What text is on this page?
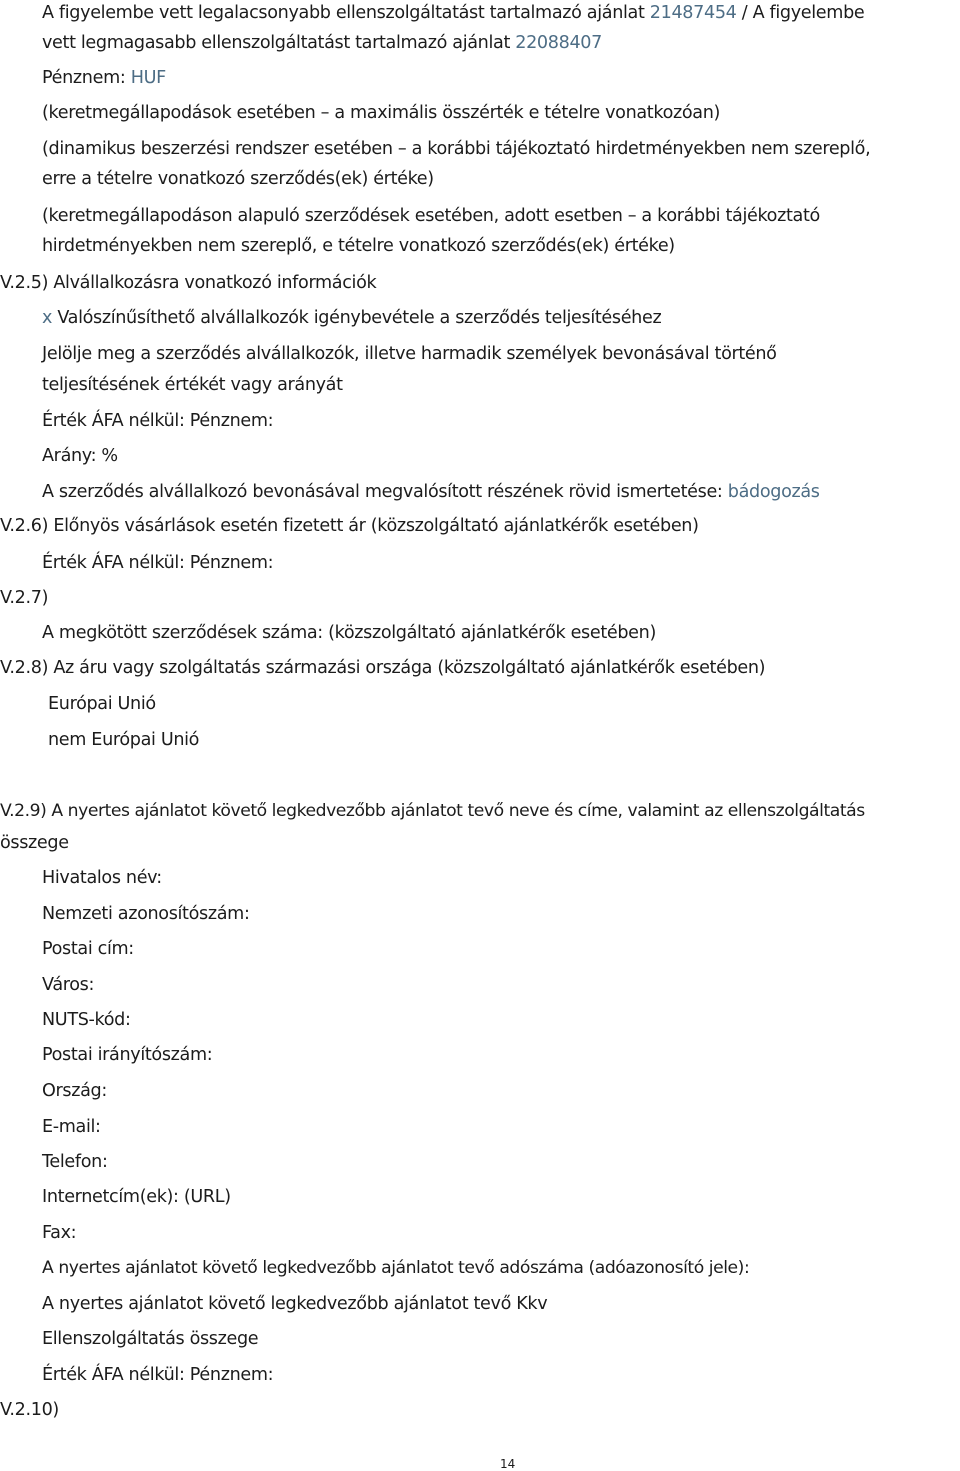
A figyelembe vett legalacsonyabb ellenszolgáltatást tartalmazó ajánlat 21487454 / A figyelembe
vett legmagasabb ellenszolgáltatást tartalmazó ajánlat 22088407
Pénznem: HUF
(keretmegállapodások esetében – a maximális összérték e tételre vonatkozóan)
(dinamikus beszerzési rendszer esetében – a korábbi tájékoztató hirdetményekben nem szereplő,
erre a tételre vonatkozó szerződés(ek) értéke)
(keretmegállapodáson alapuló szerződések esetében, adott esetben – a korábbi tájékoztató
hirdetményekben nem szereplő, e tételre vonatkozó szerződés(ek) értéke)
V.2.5) Alvállalkozásra vonatkozó információk
x Valószínűsíthető alvállalkozók igénybevétele a szerződés teljesítéséhez
Jelölje meg a szerződés alvállalkozók, illetve harmadik személyek bevonásával történő
teljesítésének értékét vagy arányát
Érték ÁFA nélkül: Pénznem:
Arány: %
A szerződés alvállalkozó bevonásával megvalósított részének rövid ismertetése: bádogozás
V.2.6) Előnyös vásárlások esetén fizetett ár (közszolgáltató ajánlatkérők esetében)
Érték ÁFA nélkül: Pénznem:
V.2.7)
A megkötött szerződések száma: (közszolgáltató ajánlatkérők esetében)
V.2.8) Az áru vagy szolgáltatás származási országa (közszolgáltató ajánlatkérők esetében)
Európai Unió
nem Európai Unió
V.2.9) A nyertes ajánlatot követő legkedvezőbb ajánlatot tevő neve és címe, valamint az ellenszolgáltatás
összege
Hivatalos név:
Nemzeti azonosítószám:
Postai cím:
Város:
NUTS-kód:
Postai irányítószám:
Ország:
E-mail:
Telefon:
Internetcím(ek): (URL)
Fax:
A nyertes ajánlatot követő legkedvezőbb ajánlatot tevő adószáma (adóazonosító jele):
A nyertes ajánlatot követő legkedvezőbb ajánlatot tevő Kkv
Ellenszolgáltatás összege
Érték ÁFA nélkül: Pénznem:
V.2.10)
14
